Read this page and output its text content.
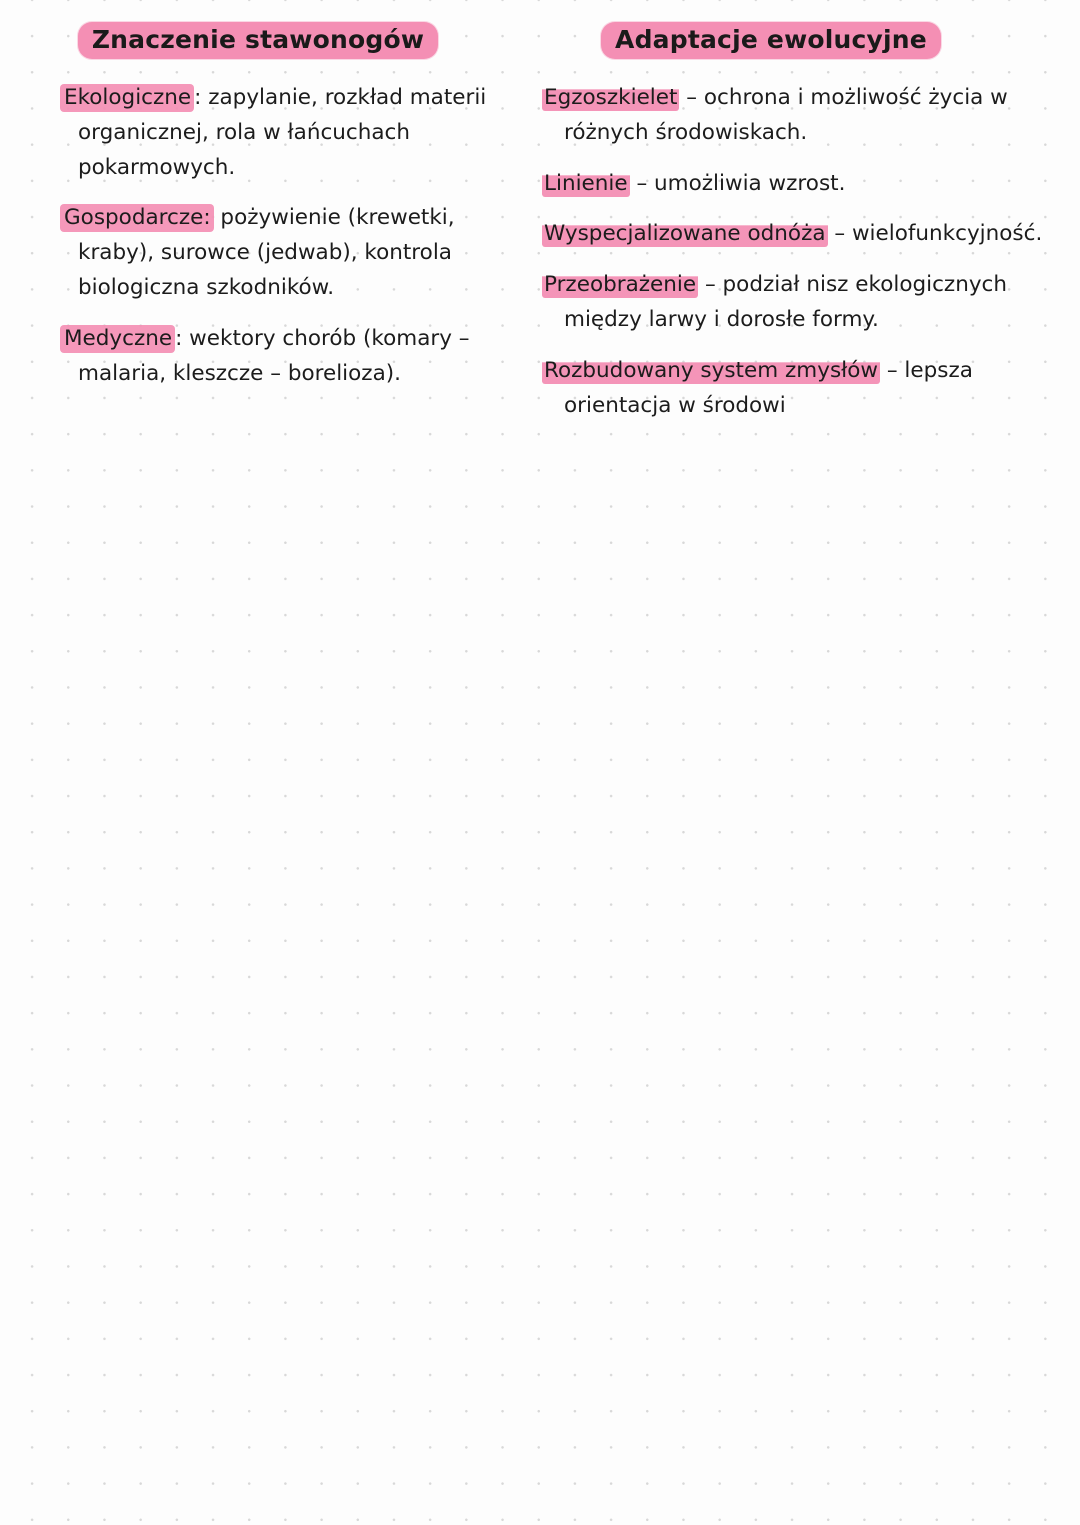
Znaczenie stawonogów
Ekologiczne : zapylanie, rozkład materii organicznej, rola w łańcuchach pokarmowych.
Gospodarcze: pożywienie (krewetki, kraby), surowce (jedwab), kontrola biologiczna szkodników.
Medyczne : wektory chorób (komary – malaria, kleszcze – borelioza).
Adaptacje ewolucyjne
Egzoszkielet – ochrona i możliwość życia w różnych środowiskach.
Linienie – umożliwia wzrost.
Wyspecjalizowane odnóża – wielofunkcyjność.
Przeobrażenie – podział nisz ekologicznych między larwy i dorosłe formy.
Rozbudowany system zmysłów – lepsza orientacja w środowi
